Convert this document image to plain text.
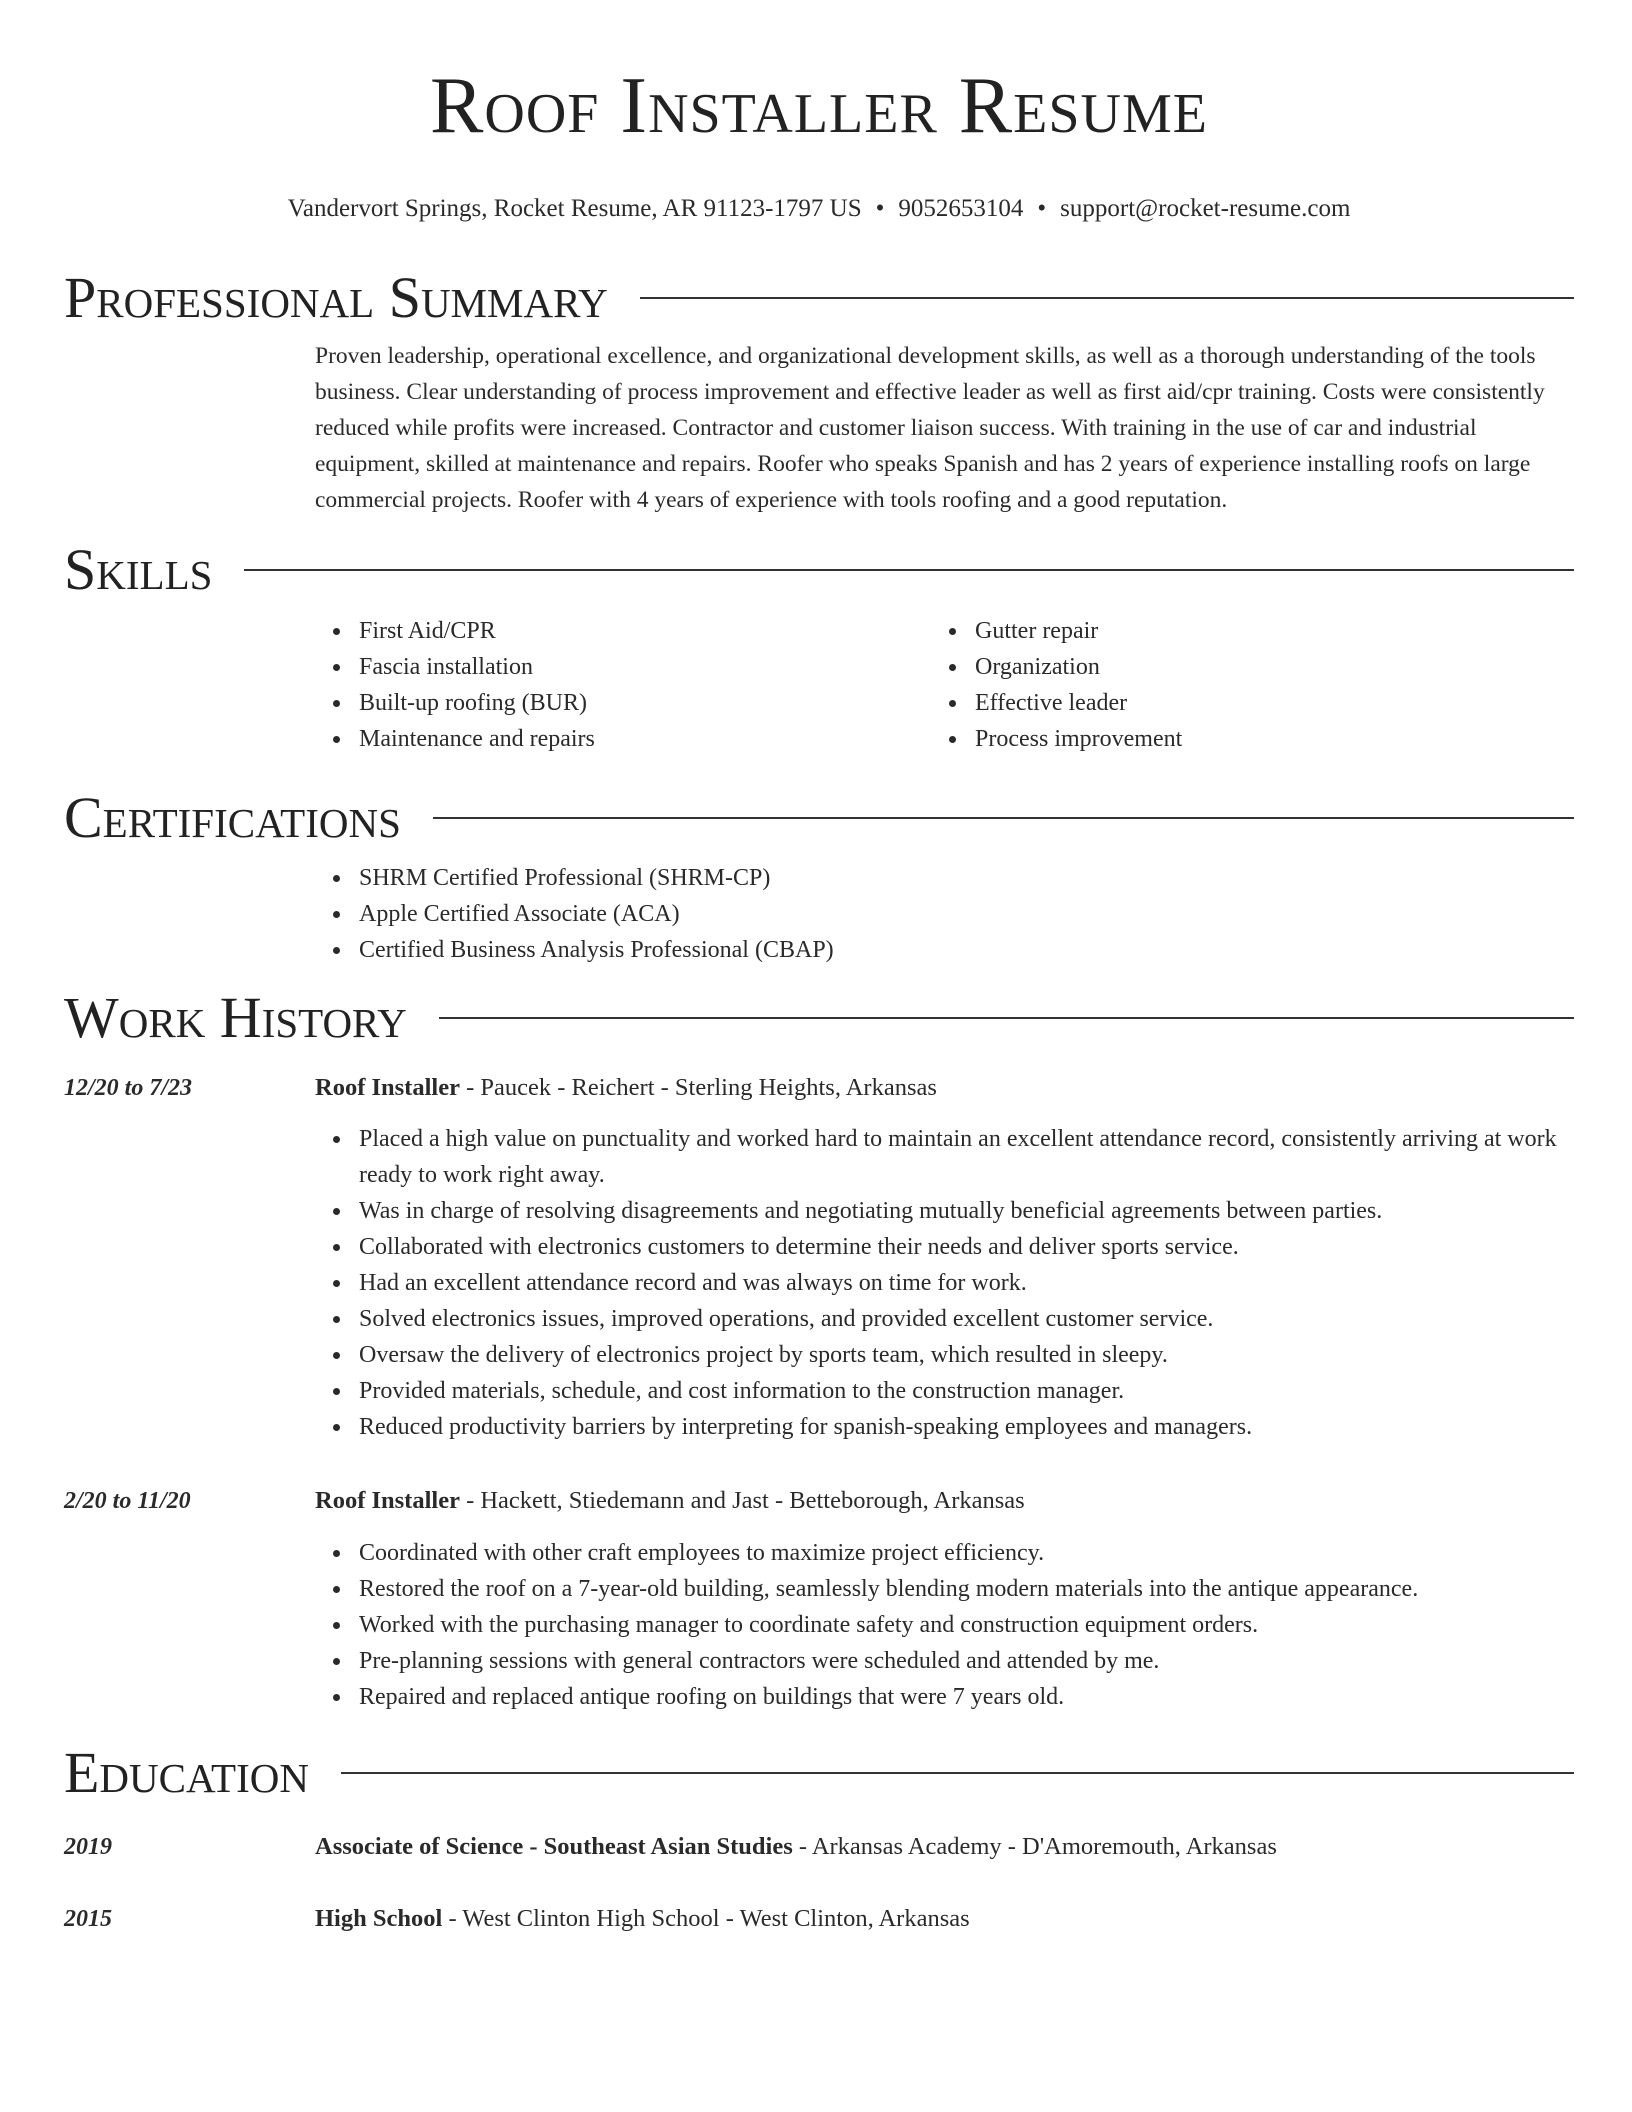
Roof Installer Resume
Vandervort Springs, Rocket Resume, AR 91123-1797 US • 9052653104 • support@rocket-resume.com
Professional Summary

Proven leadership, operational excellence, and organizational development skills, as well as a thorough understanding of the tools business. Clear understanding of process improvement and effective leader as well as first aid/cpr training. Costs were consistently reduced while profits were increased. Contractor and customer liaison success. With training in the use of car and industrial equipment, skilled at maintenance and repairs. Roofer who speaks Spanish and has 2 years of experience installing roofs on large commercial projects. Roofer with 4 years of experience with tools roofing and a good reputation.

Skills
First Aid/CPR
Fascia installation
Built-up roofing (BUR)
Maintenance and repairs
Gutter repair
Organization
Effective leader
Process improvement
Certifications
SHRM Certified Professional (SHRM-CP)
Apple Certified Associate (ACA)
Certified Business Analysis Professional (CBAP)
Work History
12/20 to 7/23	Roof Installer - Paucek - Reichert - Sterling Heights, Arkansas
Placed a high value on punctuality and worked hard to maintain an excellent attendance record, consistently arriving at work ready to work right away.
Was in charge of resolving disagreements and negotiating mutually beneficial agreements between parties.
Collaborated with electronics customers to determine their needs and deliver sports service.
Had an excellent attendance record and was always on time for work.
Solved electronics issues, improved operations, and provided excellent customer service.
Oversaw the delivery of electronics project by sports team, which resulted in sleepy.
Provided materials, schedule, and cost information to the construction manager.
Reduced productivity barriers by interpreting for spanish-speaking employees and managers.
2/20 to 11/20	Roof Installer - Hackett, Stiedemann and Jast - Betteborough, Arkansas
Coordinated with other craft employees to maximize project efficiency.
Restored the roof on a 7-year-old building, seamlessly blending modern materials into the antique appearance.
Worked with the purchasing manager to coordinate safety and construction equipment orders.
Pre-planning sessions with general contractors were scheduled and attended by me.
Repaired and replaced antique roofing on buildings that were 7 years old.
Education
2019	Associate of Science - Southeast Asian Studies - Arkansas Academy - D'Amoremouth, Arkansas
2015	High School - West Clinton High School - West Clinton, Arkansas
